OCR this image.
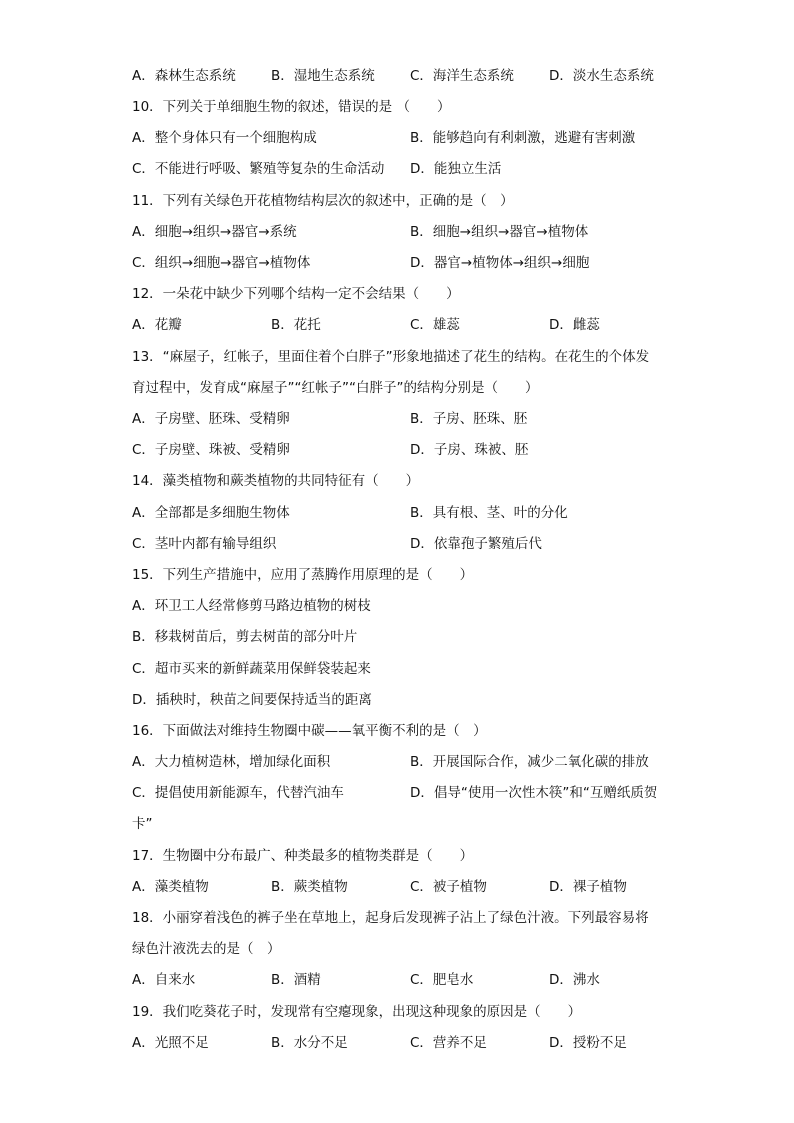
A．森林生态系统	B．湿地生态系统	C．海洋生态系统	D．淡水生态系统
10．下列关于单细胞生物的叙述，错误的是 （　　）
A．整个身体只有一个细胞构成	B．能够趋向有利刺激，逃避有害刺激
C．不能进行呼吸、繁殖等复杂的生命活动 D．能独立生活
11．下列有关绿色开花植物结构层次的叙述中，正确的是（　）
A．细胞→组织→器官→系统	B．细胞→组织→器官→植物体
C．组织→细胞→器官→植物体	D．器官→植物体→组织→细胞
12．一朵花中缺少下列哪个结构一定不会结果（　　）
A．花瓣	B．花托	C．雄蕊	D．雌蕊
13．“麻屋子，红帐子，里面住着个白胖子”形象地描述了花生的结构。在花生的个体发
育过程中，发育成“麻屋子”“红帐子”“白胖子”的结构分别是（　　）
A．子房壁、胚珠、受精卵	B．子房、胚珠、胚
C．子房壁、珠被、受精卵	D．子房、珠被、胚
14．藻类植物和蕨类植物的共同特征有（　　）
A．全部都是多细胞生物体	B．具有根、茎、叶的分化
C．茎叶内都有输导组织	D．依靠孢子繁殖后代
15．下列生产措施中，应用了蒸腾作用原理的是（　　）
A．环卫工人经常修剪马路边植物的树枝
B．移栽树苗后，剪去树苗的部分叶片
C．超市买来的新鲜蔬菜用保鲜袋装起来
D．插秧时，秧苗之间要保持适当的距离
16．下面做法对维持生物圈中碳——氧平衡不利的是（　）
A．大力植树造林，增加绿化面积	B．开展国际合作，减少二氧化碳的排放
C．提倡使用新能源车，代替汽油车	D．倡导“使用一次性木筷”和“互赠纸质贺
卡”
17．生物圈中分布最广、种类最多的植物类群是（　　）
A．藻类植物	B．蕨类植物	C．被子植物	D．裸子植物
18．小丽穿着浅色的裤子坐在草地上，起身后发现裤子沾上了绿色汁液。下列最容易将
绿色汁液洗去的是（　）
A．自来水	B．酒精	C．肥皂水	D．沸水
19．我们吃葵花子时，发现常有空瘪现象，出现这种现象的原因是（　　）
A．光照不足	B．水分不足	C．营养不足	D．授粉不足
